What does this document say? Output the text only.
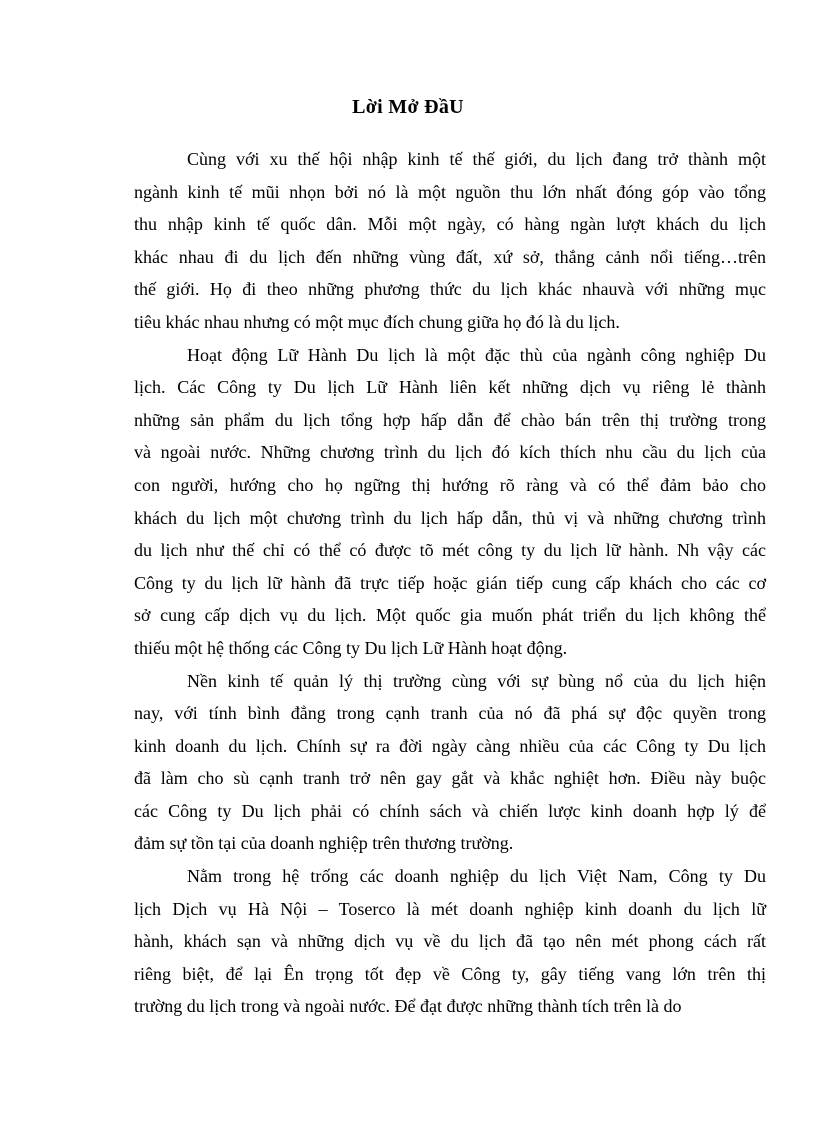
Lời Mở ĐầU

Cùng với xu thế hội nhập kinh tế thế giới, du lịch đang trở thành một
ngành kinh tế mũi nhọn bởi nó là một nguồn thu lớn nhất đóng góp vào tổng
thu nhập kinh tế quốc dân. Mỗi một ngày, có hàng ngàn lượt khách du lịch
khác nhau đi du lịch đến những vùng đất, xứ sở, thắng cảnh nổi tiếng…trên
thế giới. Họ đi theo những phương thức du lịch khác nhauvà với những mục
tiêu khác nhau nhưng có một mục đích chung giữa họ đó là du lịch.

Hoạt động Lữ Hành Du lịch là một đặc thù của ngành công nghiệp Du
lịch. Các Công ty Du lịch Lữ Hành liên kết những dịch vụ riêng lẻ thành
những sản phẩm du lịch tổng hợp hấp dẫn để chào bán trên thị trường trong
và ngoài nước. Những chương trình du lịch đó kích thích nhu cầu du lịch của
con người, hướng cho họ ngững thị hướng rõ ràng và có thể đảm bảo cho
khách du lịch một chương trình du lịch hấp dẫn, thủ vị và những chương trình
du lịch như thế chỉ có thể có được tõ mét công ty du lịch lữ hành. Nh vậy các
Công ty du lịch lữ hành đã trực tiếp hoặc gián tiếp cung cấp khách cho các cơ
sở cung cấp dịch vụ du lịch. Một quốc gia muốn phát triển du lịch không thể
thiếu một hệ thống các Công ty Du lịch Lữ Hành hoạt động.

Nền kinh tế quản lý thị trường cùng với sự bùng nổ của du lịch hiện
nay, với tính bình đẳng trong cạnh tranh của nó đã phá sự độc quyền trong
kinh doanh du lịch. Chính sự ra đời ngày càng nhiều của các Công ty Du lịch
đã làm cho sù cạnh tranh trở nên gay gắt và khắc nghiệt hơn. Điều này buộc
các Công ty Du lịch phải có chính sách và chiến lược kinh doanh hợp lý để
đảm sự tồn tại của doanh nghiệp trên thương trường.

Nằm trong hệ trống các doanh nghiệp du lịch Việt Nam, Công ty Du
lịch Dịch vụ Hà Nội – Toserco là mét doanh nghiệp kinh doanh du lịch lữ
hành, khách sạn và những dịch vụ về du lịch đã tạo nên mét phong cách rất
riêng biệt, để lại Ên trọng tốt đẹp về Công ty, gây tiếng vang lớn trên thị
trường du lịch trong và ngoài nước. Để đạt được những thành tích trên là do
